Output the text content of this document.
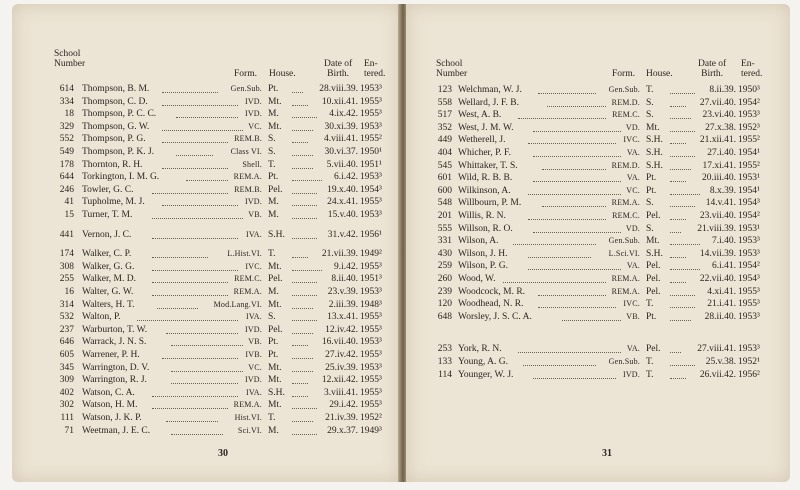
School
Number
Form. House.
Date of
Birth.
En-
tered.
614 Thompson, B. M.	Gen.Sub. Pt.	28.viii.39. 1953³
334 Thompson, C. D.	IVD. Mt.	10.xii.41. 1955³
18 Thompson, P. C. C.	IVD. M.	4.ix.42. 1955³
329 Thompson, G. W.	VC. Mt.	30.xi.39. 1953³
552 Thompson, P. G.	REM.B. S.	4.viii.41. 1955²
549 Thompson, P. K. J.	Class VI. S.	30.vi.37. 1950¹
178 Thornton, R. H.	Shell. T.	5.vii.40. 1951¹
644 Torkington, I. M. G.	REM.A. Pt.	6.i.42. 1953³
246 Towler, G. C.	REM.B. Pel.	19.x.40. 1954³
41 Tupholme, M. J.	IVD. M.	24.x.41. 1955³
15 Turner, T. M.	VB. M.	15.v.40. 1953³
441 Vernon, J. C.	IVA. S.H.	31.v.42. 1956¹
174 Walker, C. P.	L.Hist.VI. T.	21.vii.39. 1949²
308 Walker, G. G.	IVC. Mt.	9.i.42. 1955³
255 Walker, M. D.	REM.C. Pel.	8.ii.40. 1951³
16 Walter, G. W.	REM.A. M.	23.v.39. 1953³
314 Walters, H. T.	Mod.Lang.VI. Mt.	2.iii.39. 1948³
532 Walton, P.	IVA. S.	13.x.41. 1955³
237 Warburton, T. W.	IVD. Pel.	12.iv.42. 1955³
646 Warrack, J. N. S.	VB. Pt.	16.vii.40. 1953³
605 Warrener, P. H.	IVB. Pt.	27.iv.42. 1955³
345 Warrington, D. V.	VC. Mt.	25.iv.39. 1953³
309 Warrington, R. J.	IVD. Mt.	12.xii.42. 1955³
402 Watson, C. A.	IVA. S.H.	3.viii.41. 1955³
302 Watson, H. M.	REM.A. Mt.	29.i.42. 1955³
111 Watson, J. K. P.	Hist.VI. T.	21.iv.39. 1952²
71 Weetman, J. E. C.	Sci.VI. M.	29.x.37. 1949³
30
School
Number	Form. House.
Date of
Birth.
En-
tered.
123 Welchman, W. J.	Gen.Sub. T.	8.ii.39. 1950³
558 Wellard, J. F. B.	REM.D. S.	27.vii.40. 1954²
517 West, A. B.	REM.C. S.	23.vi.40. 1953³
352 West, J. M. W.	VD. Mt.	27.x.38. 1952³
449 Wetherell, J.	IVC. S.H.	21.xii.41. 1955²
404 Whicher, P. F.	VA. S.H.	27.i.40. 1954¹
545 Whittaker, T. S.	REM.D. S.H.	17.xi.41. 1955²
601 Wild, R. B. B.	VA. Pt.	20.iii.40. 1953¹
600 Wilkinson, A.	VC. Pt.	8.x.39. 1954¹
548 Willbourn, P. M.	REM.A. S.	14.v.41. 1954³
201 Willis, R. N.	REM.C. Pel.	23.vii.40. 1954²
555 Willson, R. O.	VD. S.	21.viii.39. 1953¹
331 Wilson, A.	Gen.Sub. Mt.	7.i.40. 1953³
430 Wilson, J. H.	L.Sci.VI. S.H.	14.vii.39. 1953³
259 Wilson, P. G.	VA. Pel.	6.i.41. 1954²
260 Wood, W.	REM.A. Pel.	22.vii.40. 1954³
239 Woodcock, M. R.	REM.A. Pel.	4.xi.41. 1955³
120 Woodhead, N. R.	IVC. T.	21.i.41. 1955³
648 Worsley, J. S. C. A.	VB. Pt.	28.ii.40. 1953³
253 York, R. N.	VA. Pel.	27.viii.41. 1953³
133 Young, A. G.	Gen.Sub. T.	25.v.38. 1952¹
114 Younger, W. J.	IVD. T.	26.vii.42. 1956²
31
